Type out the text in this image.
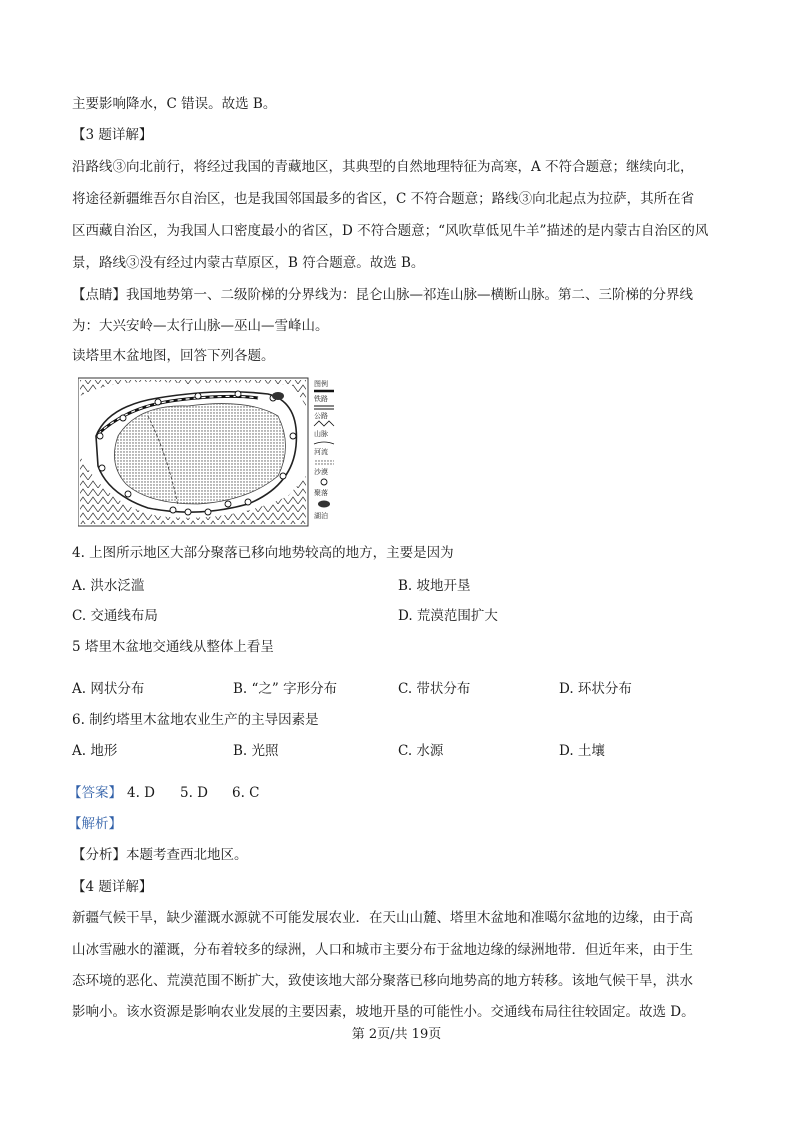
主要影响降水，C 错误。故选 B。
【3 题详解】
沿路线③向北前行，将经过我国的青藏地区，其典型的自然地理特征为高寒，A 不符合题意；继续向北，
将途径新疆维吾尔自治区，也是我国邻国最多的省区，C 不符合题意；路线③向北起点为拉萨，其所在省
区西藏自治区，为我国人口密度最小的省区，D 不符合题意；“风吹草低见牛羊”描述的是内蒙古自治区的风
景，路线③没有经过内蒙古草原区，B 符合题意。故选 B。
【点睛】我国地势第一、二级阶梯的分界线为：昆仑山脉—祁连山脉—横断山脉。第二、三阶梯的分界线
为：大兴安岭—太行山脉—巫山—雪峰山。
读塔里木盆地图，回答下列各题。
图例
铁路
公路
山脉
河流
沙漠
聚落
湖泊
4. 上图所示地区大部分聚落已移向地势较高的地方，主要是因为
A. 洪水泛滥	B. 坡地开垦
C. 交通线布局	D. 荒漠范围扩大
5 塔里木盆地交通线从整体上看呈
A. 网状分布	B. “之” 字形分布	C. 带状分布	D. 环状分布
6. 制约塔里木盆地农业生产的主导因素是
A. 地形	B. 光照	C. 水源	D. 土壤
【答案】 4. D 5. D 6. C
【解析】
【分析】本题考查西北地区。
【4 题详解】
新疆气候干旱，缺少灌溉水源就不可能发展农业．在天山山麓、塔里木盆地和准噶尔盆地的边缘，由于高
山冰雪融水的灌溉，分布着较多的绿洲，人口和城市主要分布于盆地边缘的绿洲地带．但近年来，由于生
态环境的恶化、荒漠范围不断扩大，致使该地大部分聚落已移向地势高的地方转移。该地气候干旱，洪水
影响小。该水资源是影响农业发展的主要因素，坡地开垦的可能性小。交通线布局往往较固定。故选 D。
第 2页/共 19页
